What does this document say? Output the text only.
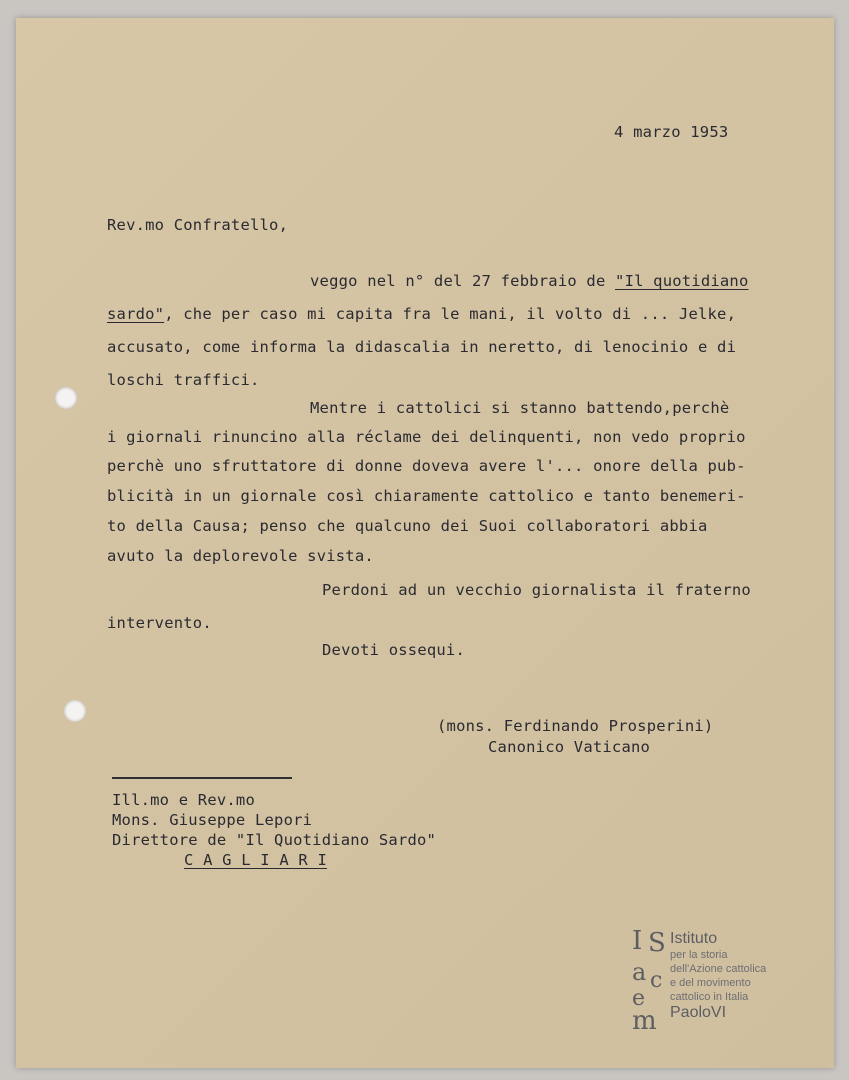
4 marzo 1953
Rev.mo Confratello,
veggo nel n° del 27 febbraio de "Il quotidiano
sardo", che per caso mi capita fra le mani, il volto di ... Jelke,
accusato, come informa la didascalia in neretto, di lenocinio e di
loschi traffici.
Mentre i cattolici si stanno battendo,perchè
i giornali rinuncino alla réclame dei delinquenti, non vedo proprio
perchè uno sfruttatore di donne doveva avere l'... onore della pub-
blicità in un giornale così chiaramente cattolico e tanto benemeri-
to della Causa; penso che qualcuno dei Suoi collaboratori abbia
avuto la deplorevole svista.
Perdoni ad un vecchio giornalista il fraterno
intervento.
Devoti ossequi.
(mons. Ferdinando Prosperini)
Canonico Vaticano
Ill.mo e Rev.mo
Mons. Giuseppe Lepori
Direttore de "Il Quotidiano Sardo"
C A G L I A R I
I S
a c
e
m
Istituto
per la storia
dell'Azione cattolica
e del movimento
cattolico in Italia
PaoloVI
